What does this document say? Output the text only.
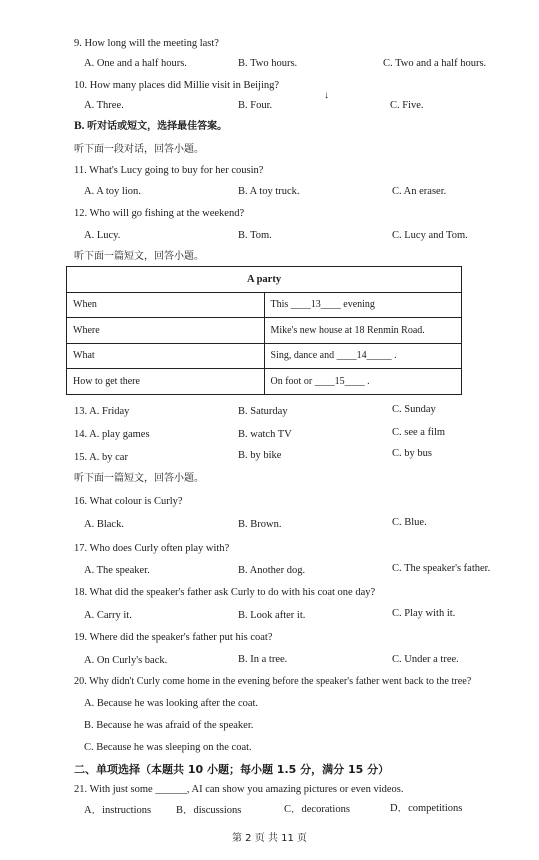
9. How long will the meeting last?
A. One and a half hours.	B. Two hours.	C. Two and a half hours.
10. How many places did Millie visit in Beijing?
A. Three.	B. Four.	C. Five.
↓
B. 听对话或短文，选择最佳答案。
听下面一段对话，回答小题。
11. What's Lucy going to buy for her cousin?
A. A toy lion.	B. A toy truck.	C. An eraser.
12. Who will go fishing at the weekend?
A. Lucy.	B. Tom.	C. Lucy and Tom.
听下面一篇短文，回答小题。
A party	
When	This ____13____ evening
Where	Mike's new house at 18 Renmin Road.
What	Sing, dance and ____14_____ .
How to get there	On foot or ____15____ .
13. A. Friday	B. Saturday	C. Sunday
14. A. play games	B. watch TV	C. see a film
15. A. by car	B. by bike	C. by bus
听下面一篇短文，回答小题。
16. What colour is Curly?
A. Black.	B. Brown.	C. Blue.
17. Who does Curly often play with?
A. The speaker.	B. Another dog.	C. The speaker's father.
18. What did the speaker's father ask Curly to do with his coat one day?
A. Carry it.	B. Look after it.	C. Play with it.
19. Where did the speaker's father put his coat?
A. On Curly's back.	B. In a tree.	C. Under a tree.
20. Why didn't Curly come home in the evening before the speaker's father went back to the tree?
A. Because he was looking after the coat.
B. Because he was afraid of the speaker.
C. Because he was sleeping on the coat.
二、单项选择（本题共 10 小题；每小题 1.5 分，满分 15 分）
21. With just some ______, AI can show you amazing pictures or even videos.
A．instructions B．discussions	C．decorations	D．competitions
第 2 页 共 11 页
